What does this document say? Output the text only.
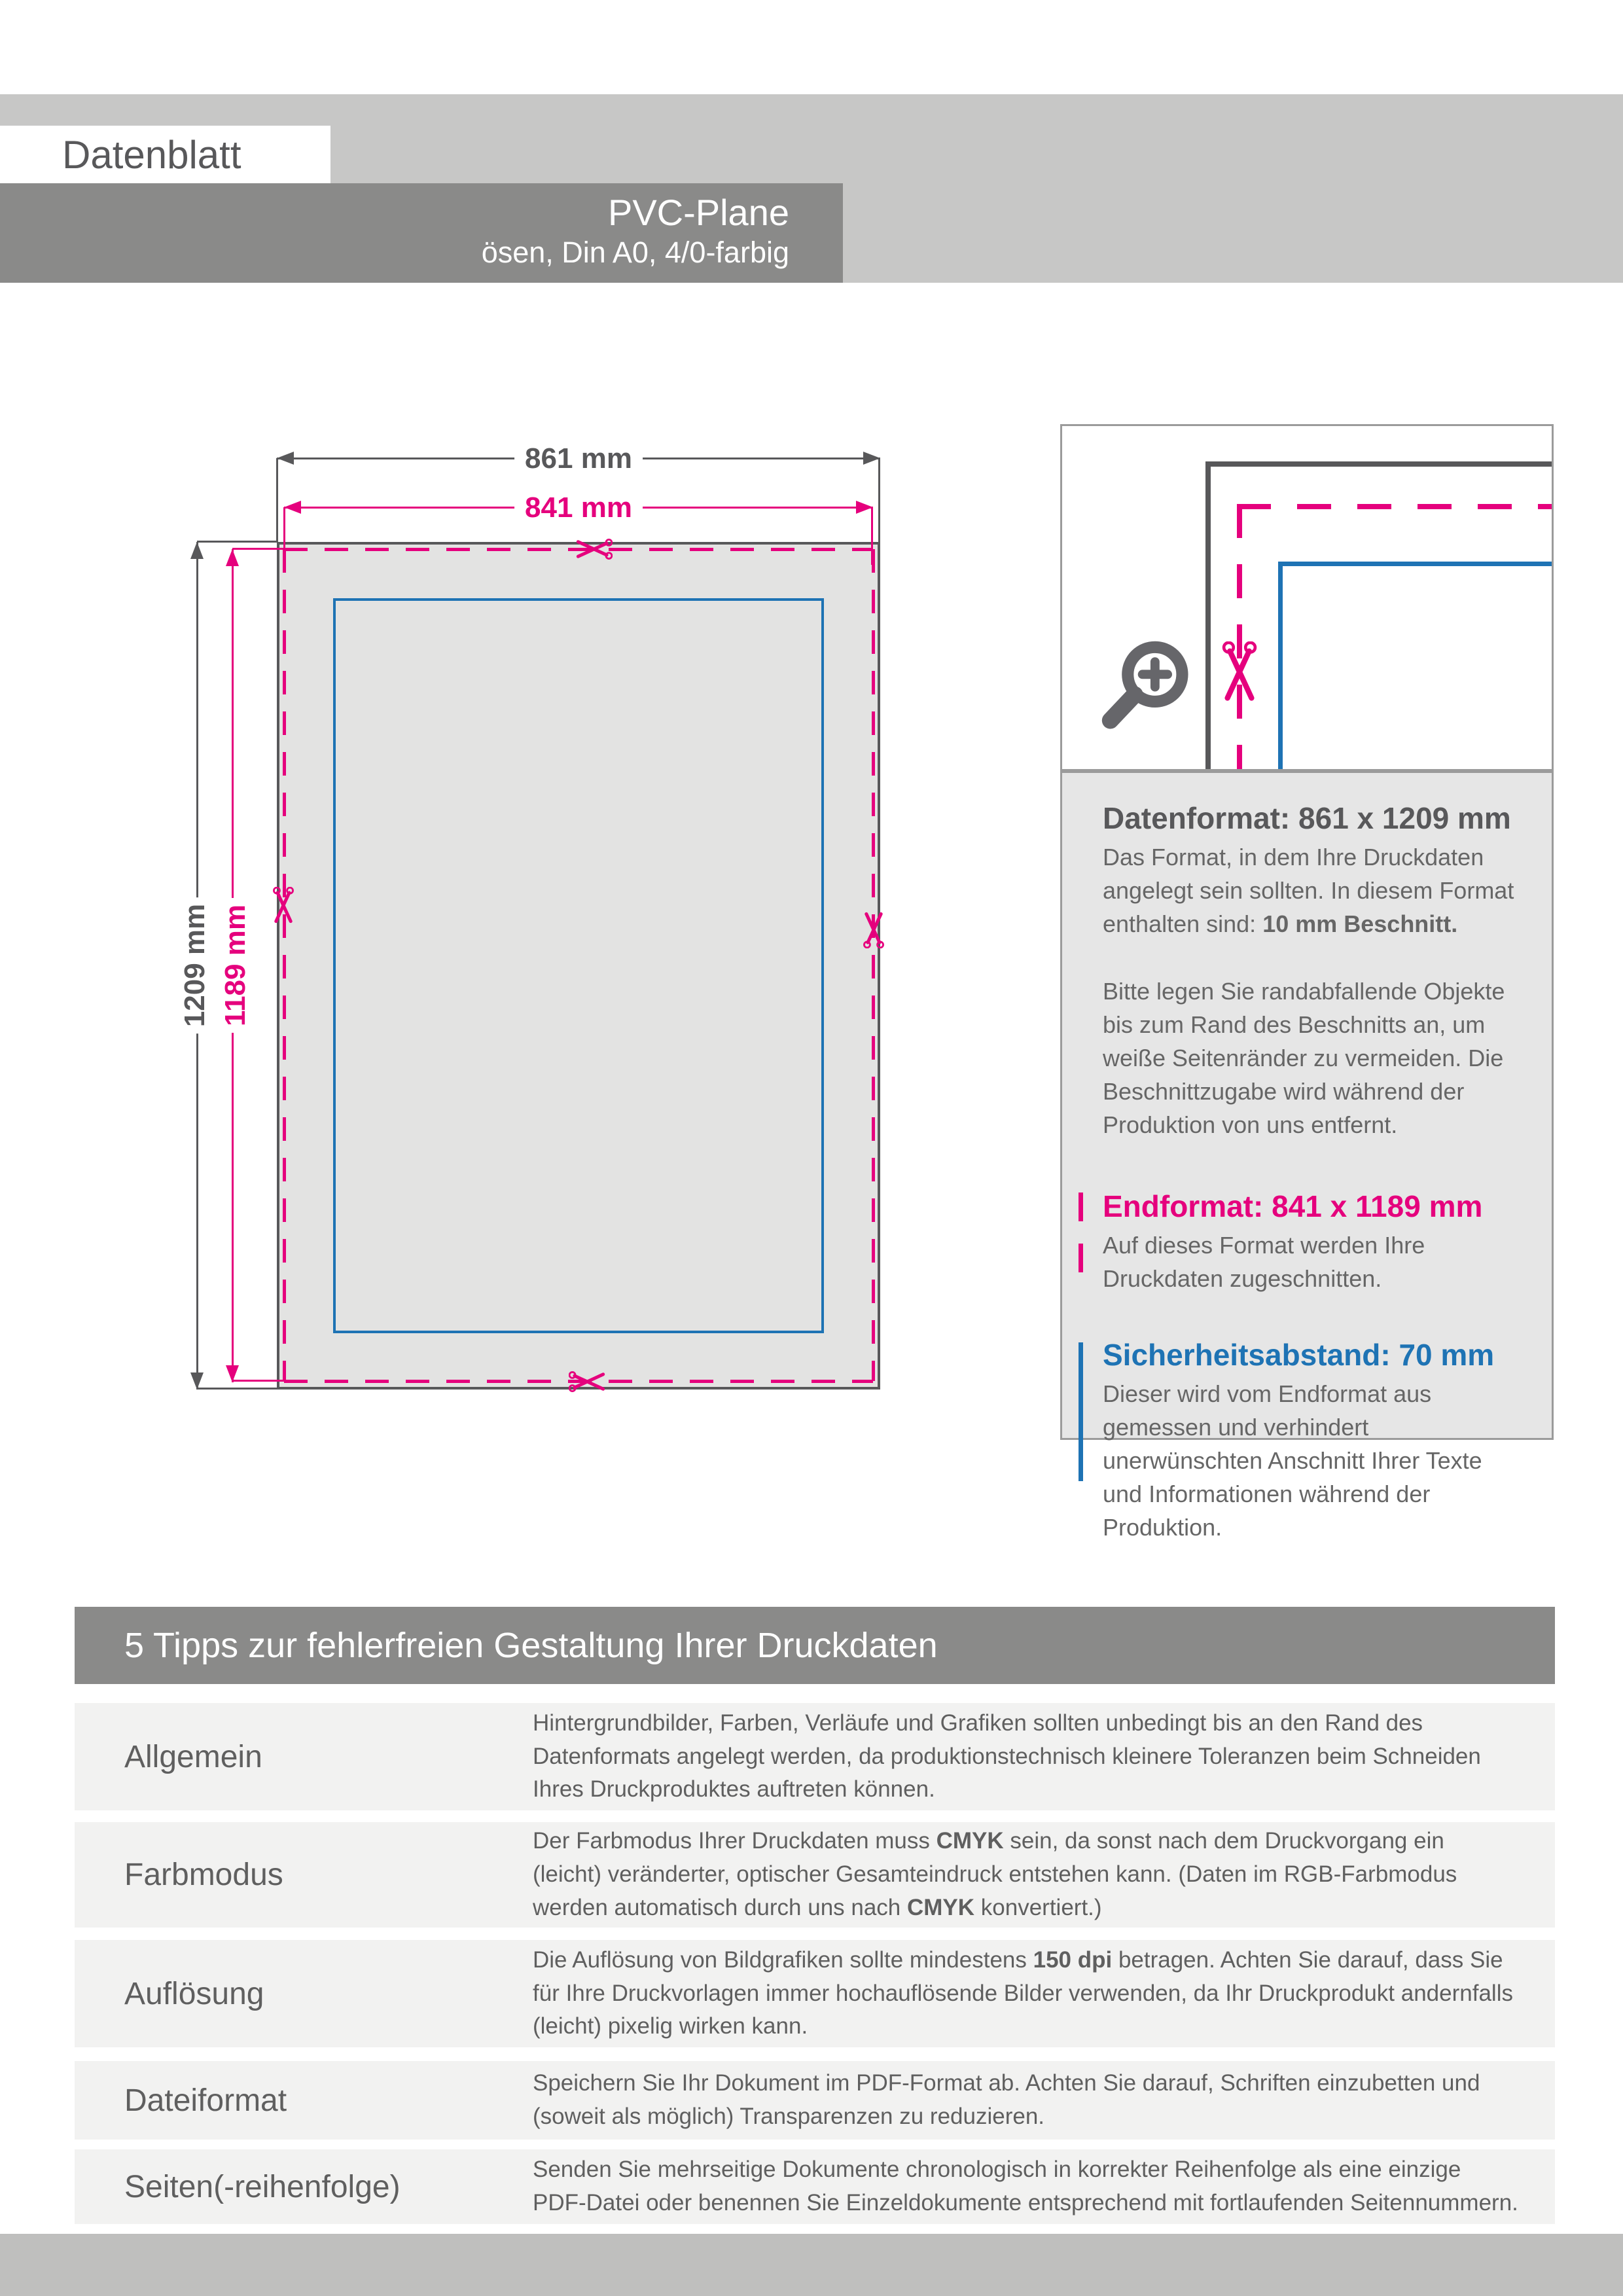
Datenblatt
PVC-Plane
ösen, Din A0, 4/0-farbig
861 mm
841 mm
1209 mm 1189 mm
Datenformat: 861 x 1209 mm

Das Format, in dem Ihre Druckdaten angelegt sein sollten. In diesem Format enthalten sind: 10 mm Beschnitt.

Bitte legen Sie randabfallende Objekte bis zum Rand des Beschnitts an, um weiße Seitenränder zu vermeiden. Die Beschnittzugabe wird während der Produktion von uns entfernt.

Endformat: 841 x 1189 mm

Auf dieses Format werden Ihre Druckdaten zugeschnitten.

Sicherheitsabstand: 70 mm

Dieser wird vom Endformat aus gemessen und verhindert unerwünschten Anschnitt Ihrer Texte und Informationen während der Produktion.

5 Tipps zur fehlerfreien Gestaltung Ihrer Druckdaten
Allgemein
Hintergrundbilder, Farben, Verläufe und Grafiken sollten unbedingt bis an den Rand des Datenformats angelegt werden, da produktionstechnisch kleinere Toleranzen beim Schneiden Ihres Druckproduktes auftreten können.
Farbmodus
Der Farbmodus Ihrer Druckdaten muss CMYK sein, da sonst nach dem Druckvorgang ein (leicht) veränderter, optischer Gesamteindruck entstehen kann. (Daten im RGB-Farbmodus werden automatisch durch uns nach CMYK konvertiert.)
Auflösung
Die Auflösung von Bildgrafiken sollte mindestens 150 dpi betragen. Achten Sie darauf, dass Sie für Ihre Druckvorlagen immer hochauflösende Bilder verwenden, da Ihr Druckprodukt andernfalls (leicht) pixelig wirken kann.
Dateiformat	Speichern Sie Ihr Dokument im PDF-Format ab. Achten Sie darauf, Schriften einzubetten und (soweit als möglich) Transparenzen zu reduzieren.
Seiten(-reihenfolge)	Senden Sie mehrseitige Dokumente chronologisch in korrekter Reihenfolge als eine einzige PDF-Datei oder benennen Sie Einzeldokumente entsprechend mit fortlaufenden Seitennummern.
